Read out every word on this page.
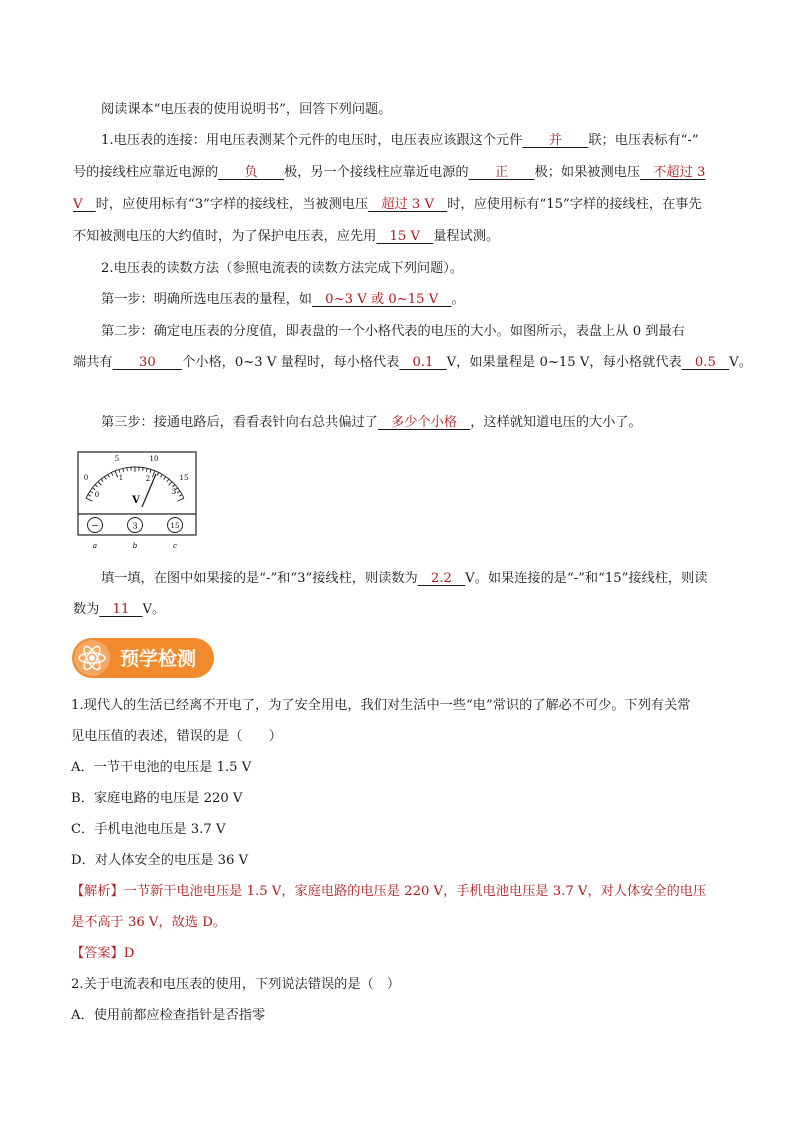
阅读课本“电压表的使用说明书”，回答下列问题。
1.电压表的连接：用电压表测某个元件的电压时，电压表应该跟这个元件　　并　　联；电压表标有“-”
号的接线柱应靠近电源的　　负　　极，另一个接线柱应靠近电源的　　正　　极；如果被测电压　不超过 3
V　时，应使用标有“3”字样的接线柱，当被测电压　超过 3 V　时，应使用标有“15”字样的接线柱，在事先
不知被测电压的大约值时，为了保护电压表，应先用　15 V　量程试测。
2.电压表的读数方法（参照电流表的读数方法完成下列问题）。
第一步：明确所选电压表的量程，如　0~3 V 或 0~15 V　。
第二步：确定电压表的分度值，即表盘的一个小格代表的电压的大小。如图所示，表盘上从 0 到最右
端共有　　30　　个小格，0~3 V 量程时，每小格代表　0.1　V，如果量程是 0~15 V，每小格就代表　0.5　V。
第三步：接通电路后，看看表针向右总共偏过了　多少个小格　，这样就知道电压的大小了。
填一填，在图中如果接的是“-”和“3”接线柱，则读数为　2.2　V。如果连接的是“-”和“15”接线柱，则读
数为　11　V。
1.现代人的生活已经离不开电了，为了安全用电，我们对生活中一些“电”常识的了解必不可少。下列有关常
见电压值的表述，错误的是（　　）
A．一节干电池的电压是 1.5 V
B．家庭电路的电压是 220 V
C．手机电池电压是 3.7 V
D．对人体安全的电压是 36 V
【解析】一节新干电池电压是 1.5 V，家庭电路的电压是 220 V，手机电池电压是 3.7 V，对人体安全的电压
是不高于 36 V，故选 D。
【答案】D
2.关于电流表和电压表的使用，下列说法错误的是（　）
A．使用前都应检查指针是否指零
0
5	10
15
0
1	2
3
V
−	3	15
a	b	c
预学检测
